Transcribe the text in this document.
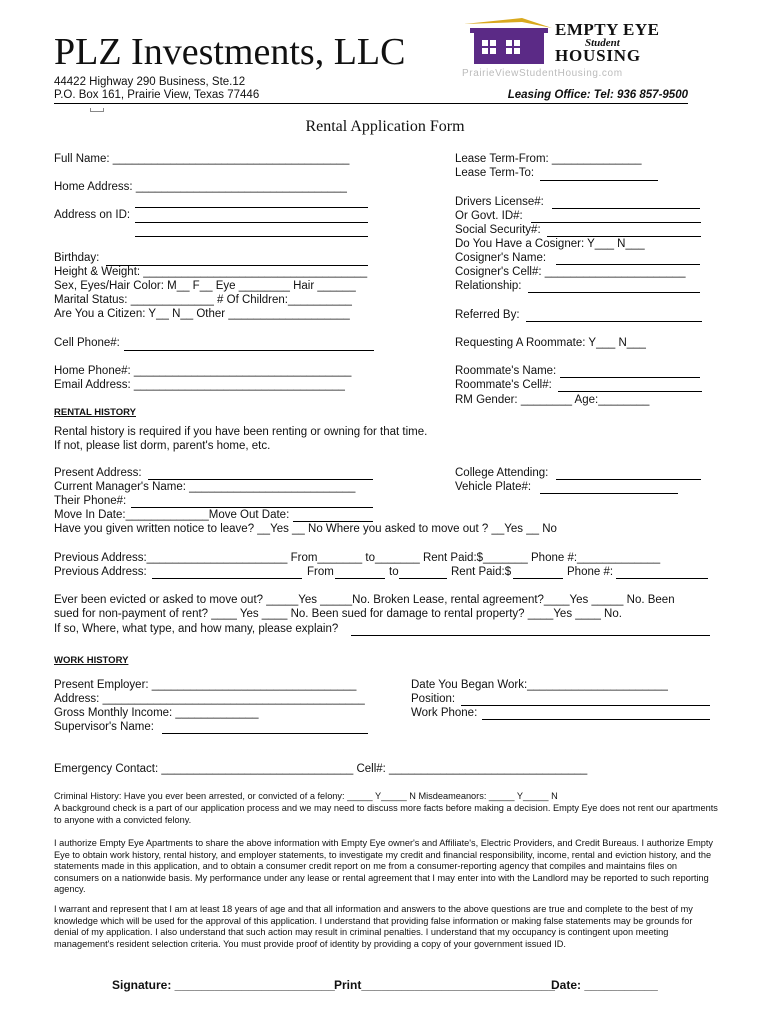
PLZ Investments, LLC
44422 Highway 290 Business, Ste.12
P.O. Box 161, Prairie View, Texas 77446	Leasing Office: Tel: 936 857-9500
EMPTY EYE
Student
HOUSING
PrairieViewStudentHousing.com
Rental Application Form
Full Name: _____________________________________
Home Address: _________________________________
Address on ID:
Birthday:
Height & Weight: ___________________________________
Sex, Eyes/Hair Color: M__ F__ Eye ________ Hair ______
Marital Status: _____________ # Of Children:__________
Are You a Citizen: Y__ N__ Other ___________________
Cell Phone#:
Home Phone#: __________________________________
Email Address: _________________________________
Lease Term-From: ______________
Lease Term-To:
Drivers License#:
Or Govt. ID#:
Social Security#:
Do You Have a Cosigner: Y___ N___
Cosigner's Name:
Cosigner's Cell#: ______________________
Relationship:
Referred By:
Requesting A Roommate: Y___ N___
Roommate's Name:
Roommate's Cell#:
RM Gender: ________ Age:________
RENTAL HISTORY
Rental history is required if you have been renting or owning for that time.
If not, please list dorm, parent's home, etc.
Present Address:
Current Manager's Name: __________________________
Their Phone#:
Move In Date:_____________Move Out Date:
Have you given written notice to leave? __Yes __ No Where you asked to move out ? __Yes __ No
College Attending:
Vehicle Plate#:
Previous Address:______________________ From_______ to_______ Rent Paid:$_______ Phone #:_____________
Previous Address:	From	to	Rent Paid:$	Phone #:
Ever been evicted or asked to move out? _____Yes _____No. Broken Lease, rental agreement?____Yes _____ No. Been
sued for non-payment of rent? ____ Yes ____ No. Been sued for damage to rental property? ____Yes ____ No.
If so, Where, what type, and how many, please explain?
WORK HISTORY
Present Employer: ________________________________
Address: _________________________________________
Gross Monthly Income: _____________
Supervisor's Name:
Date You Began Work:______________________
Position:
Work Phone:
Emergency Contact: ______________________________ Cell#: _______________________________
Criminal History: Have you ever been arrested, or convicted of a felony: _____ Y_____ N Misdeameanors: _____ Y_____ N
A background check is a part of our application process and we may need to discuss more facts before making a decision. Empty Eye does not rent our apartments to anyone with a convicted felony.
I authorize Empty Eye Apartments to share the above information with Empty Eye owner's and Affiliate's, Electric Providers, and Credit Bureaus. I authorize Empty Eye to obtain work history, rental history, and employer statements, to investigate my credit and financial responsibility, income, rental and eviction history, and the statements made in this application, and to obtain a consumer credit report on me from a consumer-reporting agency that compiles and maintains files on consumers on a nationwide basis. My performance under any lease or rental agreement that I may enter into with the Landlord may be reported to such reporting agency.
I warrant and represent that I am at least 18 years of age and that all information and answers to the above questions are true and complete to the best of my knowledge which will be used for the approval of this application. I understand that providing false information or making false statements may be grounds for denial of my application. I also understand that such action may result in criminal penalties. I understand that my occupancy is contingent upon meeting management's resident selection criteria. You must provide proof of identity by providing a copy of your government issued ID.
Signature: ________________________ Print_____________________________
Date: ___________
